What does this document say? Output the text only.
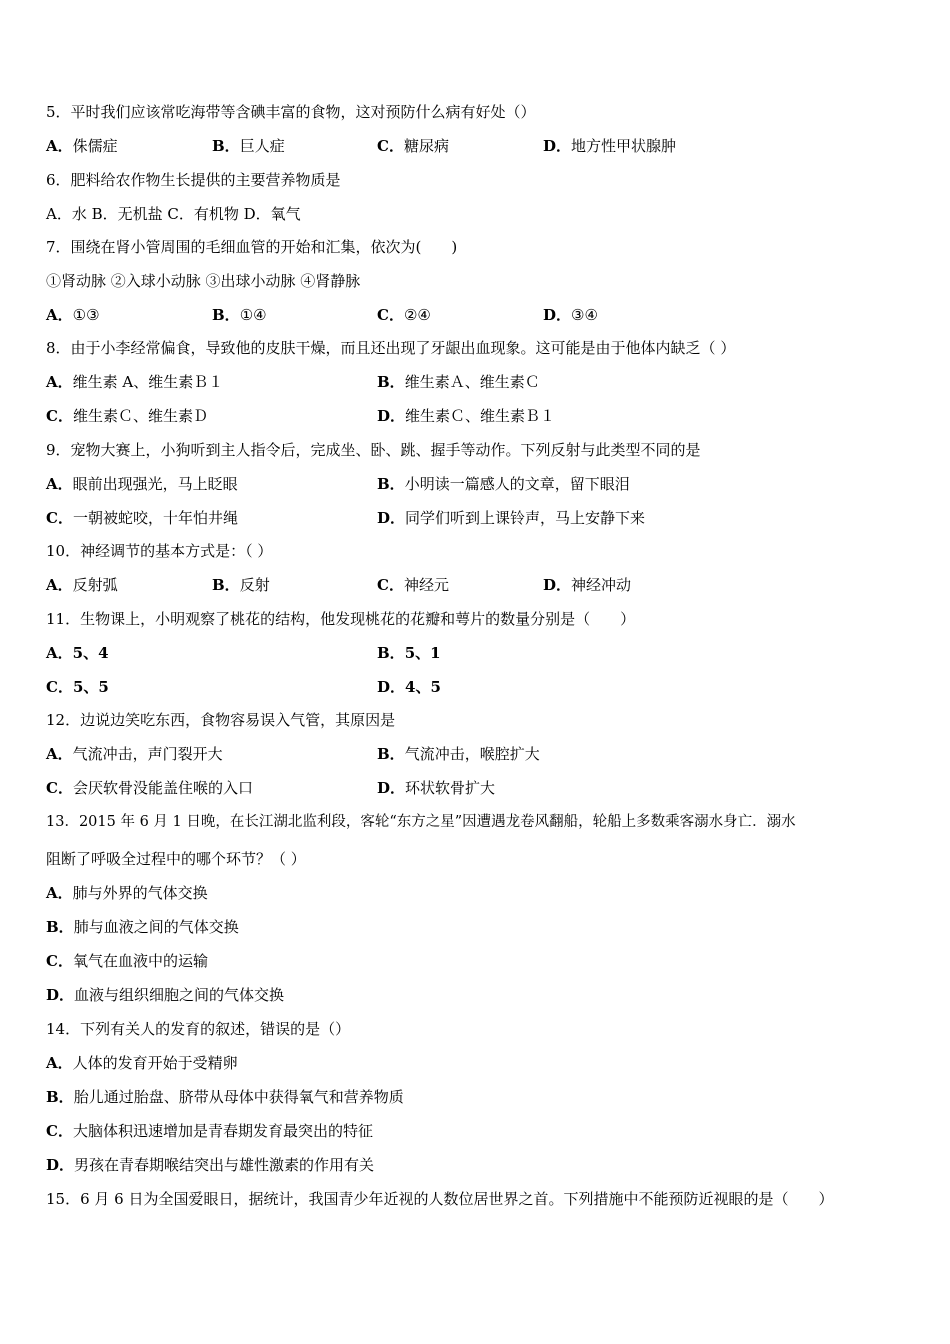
5．平时我们应该常吃海带等含碘丰富的食物，这对预防什么病有好处（）
A．侏儒症	B．巨人症	C．糖尿病	D．地方性甲状腺肿
6．肥料给农作物生长提供的主要营养物质是
A．水 B．无机盐 C．有机物 D．氧气
7．围绕在肾小管周围的毛细血管的开始和汇集，依次为(　　)
①肾动脉 ②入球小动脉 ③出球小动脉 ④肾静脉
A．①③	B．①④	C．②④	D．③④
8．由于小李经常偏食，导致他的皮肤干燥，而且还出现了牙龈出血现象。这可能是由于他体内缺乏（ ）
A．维生素 A、维生素Ｂ１	B．维生素Ａ、维生素Ｃ
C．维生素Ｃ、维生素Ｄ	D．维生素Ｃ、维生素Ｂ１
9．宠物大赛上，小狗听到主人指令后，完成坐、卧、跳、握手等动作。下列反射与此类型不同的是
A．眼前出现强光，马上眨眼	B．小明读一篇感人的文章，留下眼泪
C．一朝被蛇咬，十年怕井绳	D．同学们听到上课铃声，马上安静下来
10．神经调节的基本方式是：（ ）
A．反射弧	B．反射	C．神经元	D．神经冲动
11．生物课上，小明观察了桃花的结构，他发现桃花的花瓣和萼片的数量分别是（　　）
A．5、4	B．5、1
C．5、5	D．4、5
12．边说边笑吃东西，食物容易误入气管，其原因是
A．气流冲击，声门裂开大	B．气流冲击，喉腔扩大
C．会厌软骨没能盖住喉的入口	D．环状软骨扩大
13．2015 年 6 月 1 日晚，在长江湖北监利段，客轮“东方之星”因遭遇龙卷风翻船，轮船上多数乘客溺水身亡．溺水
阻断了呼吸全过程中的哪个环节？（ ）
A．肺与外界的气体交换
B．肺与血液之间的气体交换
C．氧气在血液中的运输
D．血液与组织细胞之间的气体交换
14．下列有关人的发育的叙述，错误的是（）
A．人体的发育开始于受精卵
B．胎儿通过胎盘、脐带从母体中获得氧气和营养物质
C．大脑体积迅速增加是青春期发育最突出的特征
D．男孩在青春期喉结突出与雄性激素的作用有关
15．6 月 6 日为全国爱眼日，据统计，我国青少年近视的人数位居世界之首。下列措施中不能预防近视眼的是（　　）
